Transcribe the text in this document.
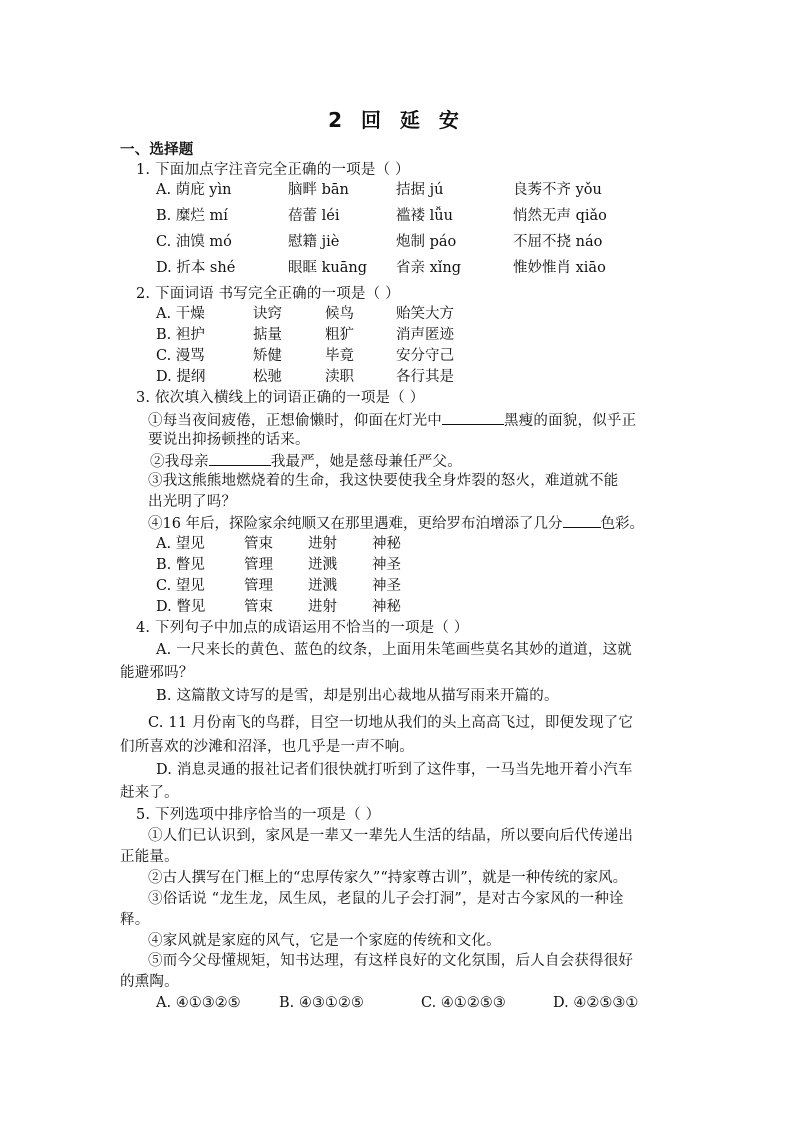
2 回 延 安
一、选择题
1. 下面加点字注音完全正确的一项是（ ）
A. 荫庇 yìn	脑畔 bān	拮据 jú	良莠不齐 yǒu
B. 糜烂 mí	蓓蕾 léi	褴褛 lǚu	悄然无声 qiǎo
C. 油馍 mó	慰籍 jiè	炮制 páo	不屈不挠 náo
D. 折本 shé	眼眶 kuāng 省亲 xǐng	惟妙惟肖 xiāo
2. 下面词语 书写完全正确的一项是（ ）
A. 干燥	诀窍	候鸟	贻笑大方
B. 袒护	掂量	粗犷	消声匿迹
C. 漫骂	矫健	毕竟	安分守己
D. 提纲	松驰	渎职	各行其是
3. 依次填入横线上的词语正确的一项是（ ）
①每当夜间疲倦，正想偷懒时，仰面在灯光中	黑瘦的面貌，似乎正
要说出抑扬顿挫的话来。
②我母亲	我最严，她是慈母兼任严父。
③我这熊熊地燃烧着的生命，我这快要使我全身炸裂的怒火，难道就不能
出光明了吗？
④16 年后，探险家余纯顺又在那里遇难，更给罗布泊增添了几分	色彩。
A. 望见	管束 进射 神秘
B. 瞥见	管理 迸溅 神圣
C. 望见	管理 迸溅 神圣
D. 瞥见	管束 进射 神秘
4. 下列句子中加点的成语运用不恰当的一项是（ ）
A. 一尺来长的黄色、蓝色的纹条，上面用朱笔画些莫名其妙的道道，这就
能避邪吗？
B. 这篇散文诗写的是雪，却是别出心裁地从描写雨来开篇的。
C. 11 月份南飞的鸟群，目空一切地从我们的头上高高飞过，即便发现了它
们所喜欢的沙滩和沼泽，也几乎是一声不响。
D. 消息灵通的报社记者们很快就打听到了这件事，一马当先地开着小汽车
赶来了。
5. 下列选项中排序恰当的一项是（ ）
①人们已认识到，家风是一辈又一辈先人生活的结晶，所以要向后代传递出
正能量。
②古人撰写在门框上的“忠厚传家久”“持家尊古训”，就是一种传统的家风。
③俗话说 “龙生龙，凤生凤，老鼠的儿子会打洞”，是对古今家风的一种诠
释。
④家风就是家庭的风气，它是一个家庭的传统和文化。
⑤而今父母懂规矩，知书达理，有这样良好的文化氛围，后人自会获得很好
的熏陶。
A. ④①③②⑤	B. ④③①②⑤	C. ④①②⑤③	D. ④②⑤③①
